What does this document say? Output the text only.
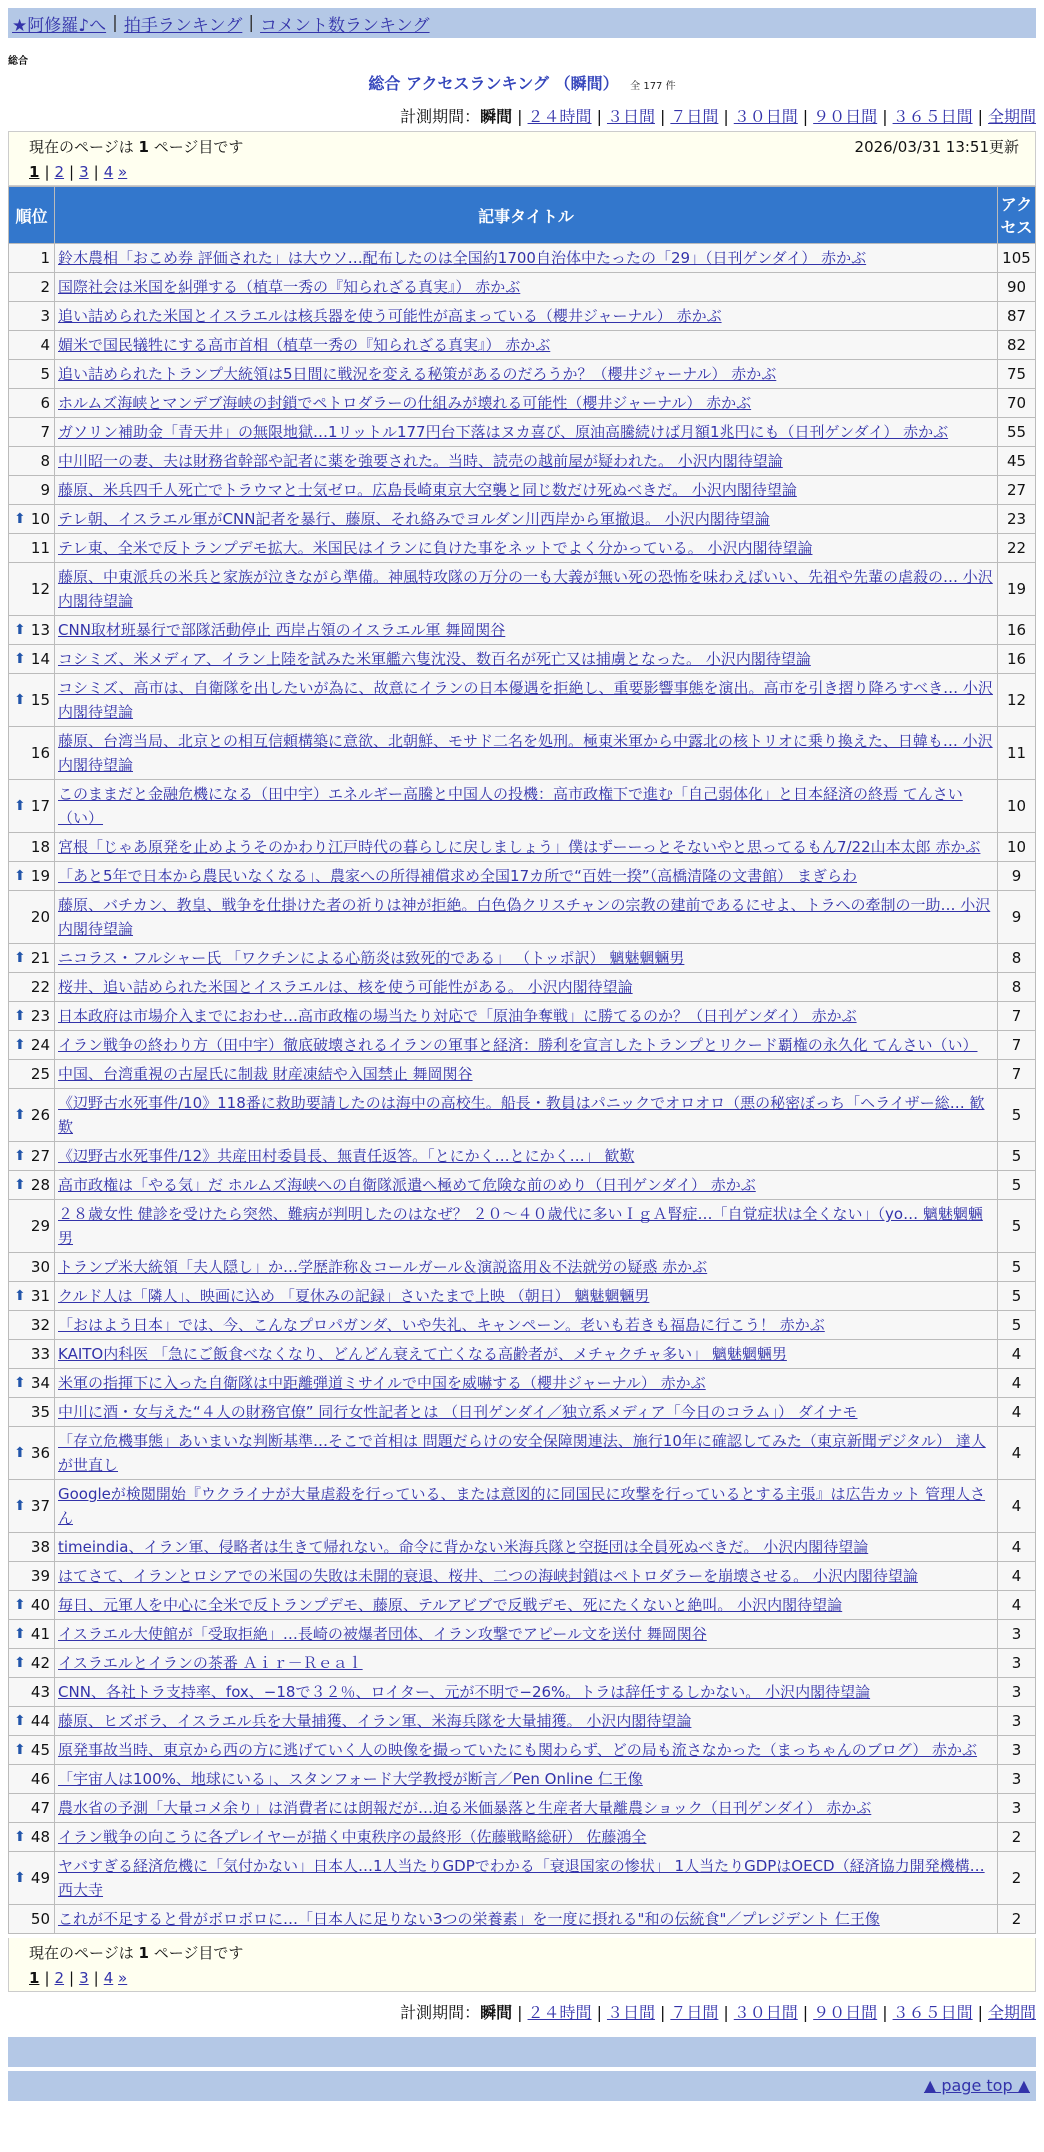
★阿修羅♪へ | 拍手ランキング | コメント数ランキング
総合
総合 アクセスランキング （瞬間） 全 177 件
計測期間：瞬間 | ２４時間 | ３日間 | ７日間 | ３０日間 | ９０日間 | ３６５日間 | 全期間
現在のページは 1 ページ目です	2026/03/31 13:51更新
1 | 2 | 3 | 4 »
順位	記事タイトル	アクセス
1	鈴木農相「おこめ券 評価された」は大ウソ…配布したのは全国約1700自治体中たったの「29」（日刊ゲンダイ） 赤かぶ	105
2	国際社会は米国を糾弾する（植草一秀の『知られざる真実』） 赤かぶ	90
3	追い詰められた米国とイスラエルは核兵器を使う可能性が高まっている（櫻井ジャーナル） 赤かぶ	87
4	媚米で国民犠牲にする高市首相（植草一秀の『知られざる真実』） 赤かぶ	82
5	追い詰められたトランプ大統領は5日間に戦況を変える秘策があるのだろうか？（櫻井ジャーナル） 赤かぶ	75
6	ホルムズ海峡とマンデブ海峡の封鎖でペトロダラーの仕組みが壊れる可能性（櫻井ジャーナル） 赤かぶ	70
7	ガソリン補助金「青天井」の無限地獄…1リットル177円台下落はヌカ喜び、原油高騰続けば月額1兆円にも（日刊ゲンダイ） 赤かぶ	55
8	中川昭一の妻、夫は財務省幹部や記者に薬を強要された。当時、読売の越前屋が疑われた。 小沢内閣待望論	45
9	藤原、米兵四千人死亡でトラウマと士気ゼロ。広島長崎東京大空襲と同じ数だけ死ぬべきだ。 小沢内閣待望論	27

⬆ 10	テレ朝、イスラエル軍がCNN記者を暴行、藤原、それ絡みでヨルダン川西岸から軍撤退。 小沢内閣待望論	23
11	テレ東、全米で反トランプデモ拡大。米国民はイランに負けた事をネットでよく分かっている。 小沢内閣待望論	22
12	藤原、中東派兵の米兵と家族が泣きながら準備。神風特攻隊の万分の一も大義が無い死の恐怖を味わえばいい、先祖や先輩の虐殺の… 小沢内閣待望論	19

⬆ 13	CNN取材班暴行で部隊活動停止 西岸占領のイスラエル軍 舞岡関谷	16

⬆ 14	コシミズ、米メディア、イラン上陸を試みた米軍艦六隻沈没、数百名が死亡又は捕虜となった。 小沢内閣待望論	16

⬆ 15	コシミズ、高市は、自衛隊を出したいが為に、故意にイランの日本優遇を拒絶し、重要影響事態を演出。高市を引き摺り降ろすべき… 小沢内閣待望論	12
16	藤原、台湾当局、北京との相互信頼構築に意欲、北朝鮮、モサド二名を処刑。極東米軍から中露北の核トリオに乗り換えた、日韓も… 小沢内閣待望論	11

⬆ 17	このままだと金融危機になる（田中宇）エネルギー高騰と中国人の投機：高市政権下で進む「自己弱体化」と日本経済の終焉 てんさい（い）	10
18	宮根「じゃあ原発を止めようそのかわり江戸時代の暮らしに戻しましょう」僕はずーーっとそないやと思ってるもん7/22山本太郎 赤かぶ	10

⬆ 19	「あと5年で日本から農民いなくなる」、農家への所得補償求め全国17カ所で“百姓一揆”（高橋清隆の文書館） まぎらわ	9
20	藤原、バチカン、教皇、戦争を仕掛けた者の祈りは神が拒絶。白色偽クリスチャンの宗教の建前であるにせよ、トラへの牽制の一助… 小沢内閣待望論	9

⬆ 21	ニコラス・フルシャー氏 「ワクチンによる心筋炎は致死的である」 （トッポ訳） 魑魅魍魎男	8
22	桜井、追い詰められた米国とイスラエルは、核を使う可能性がある。 小沢内閣待望論	8

⬆ 23	日本政府は市場介入までにおわせ…高市政権の場当たり対応で「原油争奪戦」に勝てるのか？（日刊ゲンダイ） 赤かぶ	7

⬆ 24	イラン戦争の終わり方（田中宇）徹底破壊されるイランの軍事と経済：勝利を宣言したトランプとリクード覇権の永久化 てんさい（い）	7
25	中国、台湾重視の古屋氏に制裁 財産凍結や入国禁止 舞岡関谷	7

⬆ 26	《辺野古水死事件/10》118番に救助要請したのは海中の高校生。船長・教員はパニックでオロオロ（悪の秘密ぼっち「ヘライザー総… 歓歎	5

⬆ 27	《辺野古水死事件/12》共産田村委員長、無責任返答。「とにかく…とにかく…」 歓歎	5

⬆ 28	高市政権は「やる気」だ ホルムズ海峡への自衛隊派遣へ極めて危険な前のめり（日刊ゲンダイ） 赤かぶ	5
29	２８歳女性 健診を受けたら突然、難病が判明したのはなぜ？ ２０～４０歳代に多いＩｇＡ腎症…「自覚症状は全くない」（yo… 魑魅魍魎男	5
30	トランプ米大統領「夫人隠し」か…学歴詐称＆コールガール＆演説盗用＆不法就労の疑惑 赤かぶ	5

⬆ 31	クルド人は「隣人」、映画に込め 「夏休みの記録」さいたまで上映 （朝日） 魑魅魍魎男	5
32	「おはよう日本」では、今、こんなプロパガンダ、いや失礼、キャンペーン。老いも若きも福島に行こう！ 赤かぶ	5
33	KAITO内科医 「急にご飯食べなくなり、どんどん衰えて亡くなる高齢者が、メチャクチャ多い」 魑魅魍魎男	4

⬆ 34	米軍の指揮下に入った自衛隊は中距離弾道ミサイルで中国を威嚇する（櫻井ジャーナル） 赤かぶ	4
35	中川に酒・女与えた“４人の財務官僚” 同行女性記者とは （日刊ゲンダイ／独立系メディア「今日のコラム」） ダイナモ	4

⬆ 36	「存立危機事態」あいまいな判断基準…そこで首相は 問題だらけの安全保障関連法、施行10年に確認してみた（東京新聞デジタル） 達人が世直し	4

⬆ 37	Googleが検閲開始『ウクライナが大量虐殺を行っている、または意図的に同国民に攻撃を行っているとする主張』は広告カット 管理人さん	4
38	timeindia、イラン軍、侵略者は生きて帰れない。命令に背かない米海兵隊と空挺団は全員死ぬべきだ。 小沢内閣待望論	4
39	はてさて、イランとロシアでの米国の失敗は未開的衰退、桜井、二つの海峡封鎖はペトロダラーを崩壊させる。 小沢内閣待望論	4

⬆ 40	毎日、元軍人を中心に全米で反トランプデモ、藤原、テルアビブで反戦デモ、死にたくないと絶叫。 小沢内閣待望論	4

⬆ 41	イスラエル大使館が「受取拒絶」…長崎の被爆者団体、イラン攻撃でアピール文を送付 舞岡関谷	3

⬆ 42	イスラエルとイランの茶番 Ａｉｒ－Ｒｅａｌ	3
43	CNN、各社トラ支持率、fox、−18で３２％、ロイター、元が不明で−26%。トラは辞任するしかない。 小沢内閣待望論	3

⬆ 44	藤原、ヒズボラ、イスラエル兵を大量捕獲、イラン軍、米海兵隊を大量捕獲。 小沢内閣待望論	3

⬆ 45	原発事故当時、東京から西の方に逃げていく人の映像を撮っていたにも関わらず、どの局も流さなかった（まっちゃんのブログ） 赤かぶ	3
46	「宇宙人は100%、地球にいる」、スタンフォード大学教授が断言／Pen Online 仁王像	3
47	農水省の予測「大量コメ余り」は消費者には朗報だが…迫る米価暴落と生産者大量離農ショック（日刊ゲンダイ） 赤かぶ	3

⬆ 48	イラン戦争の向こうに各プレイヤーが描く中東秩序の最終形（佐藤戦略総研） 佐藤鴻全	2

⬆ 49	ヤバすぎる経済危機に「気付かない」日本人…1人当たりGDPでわかる「衰退国家の惨状」 1人当たりGDPはOECD（経済協力開発機構… 西大寺	2
50	これが不足すると骨がボロボロに…「日本人に足りない3つの栄養素」を一度に摂れる"和の伝統食"／プレジデント 仁王像	2
現在のページは 1 ページ目です
1 | 2 | 3 | 4 »
計測期間：瞬間 | ２４時間 | ３日間 | ７日間 | ３０日間 | ９０日間 | ３６５日間 | 全期間
▲ page top ▲
